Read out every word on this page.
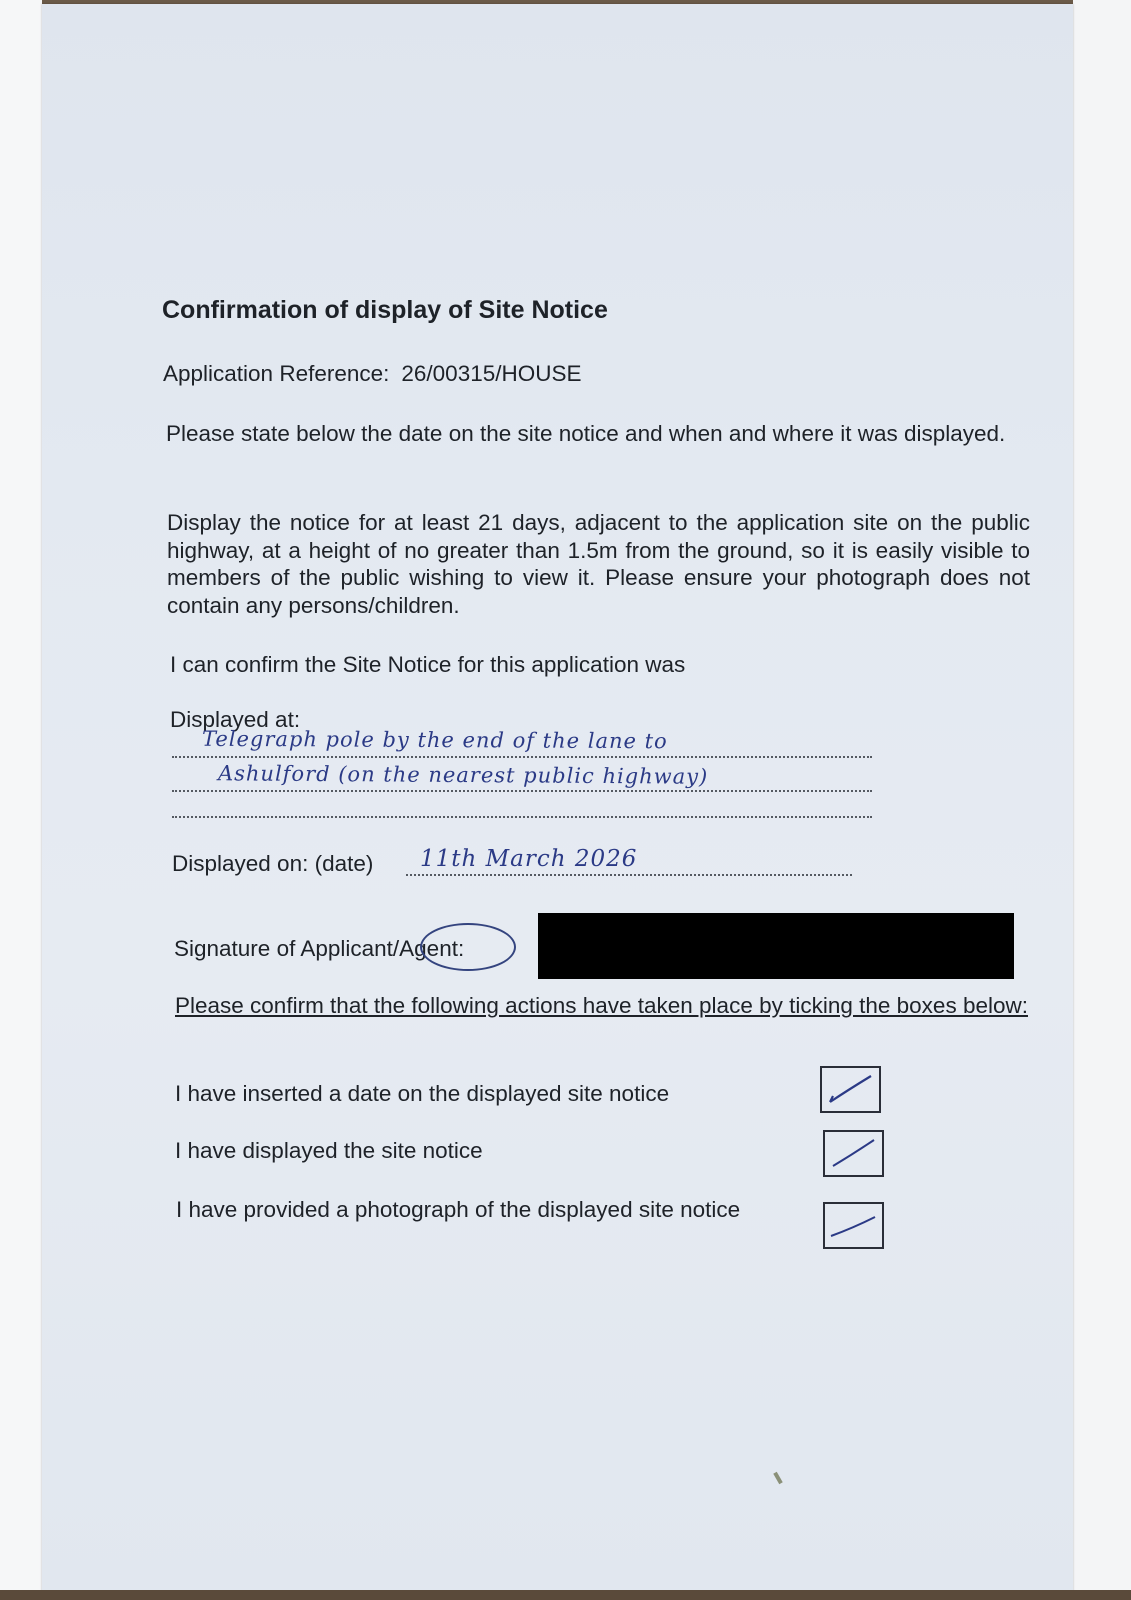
Confirmation of display of Site Notice
Application Reference: 26/00315/HOUSE
Please state below the date on the site notice and when and where it was displayed.
Display the notice for at least 21 days, adjacent to the application site on the public highway, at a height of no greater than 1.5m from the ground, so it is easily visible to members of the public wishing to view it. Please ensure your photograph does not contain any persons/children.
I can confirm the Site Notice for this application was
Displayed at:
Telegraph pole by the end of the lane to
Ashulford (on the nearest public highway)
Displayed on: (date) 11th March 2026
Signature of Applicant/Agent:
Please confirm that the following actions have taken place by ticking the boxes below:
I have inserted a date on the displayed site notice
I have displayed the site notice
I have provided a photograph of the displayed site notice
